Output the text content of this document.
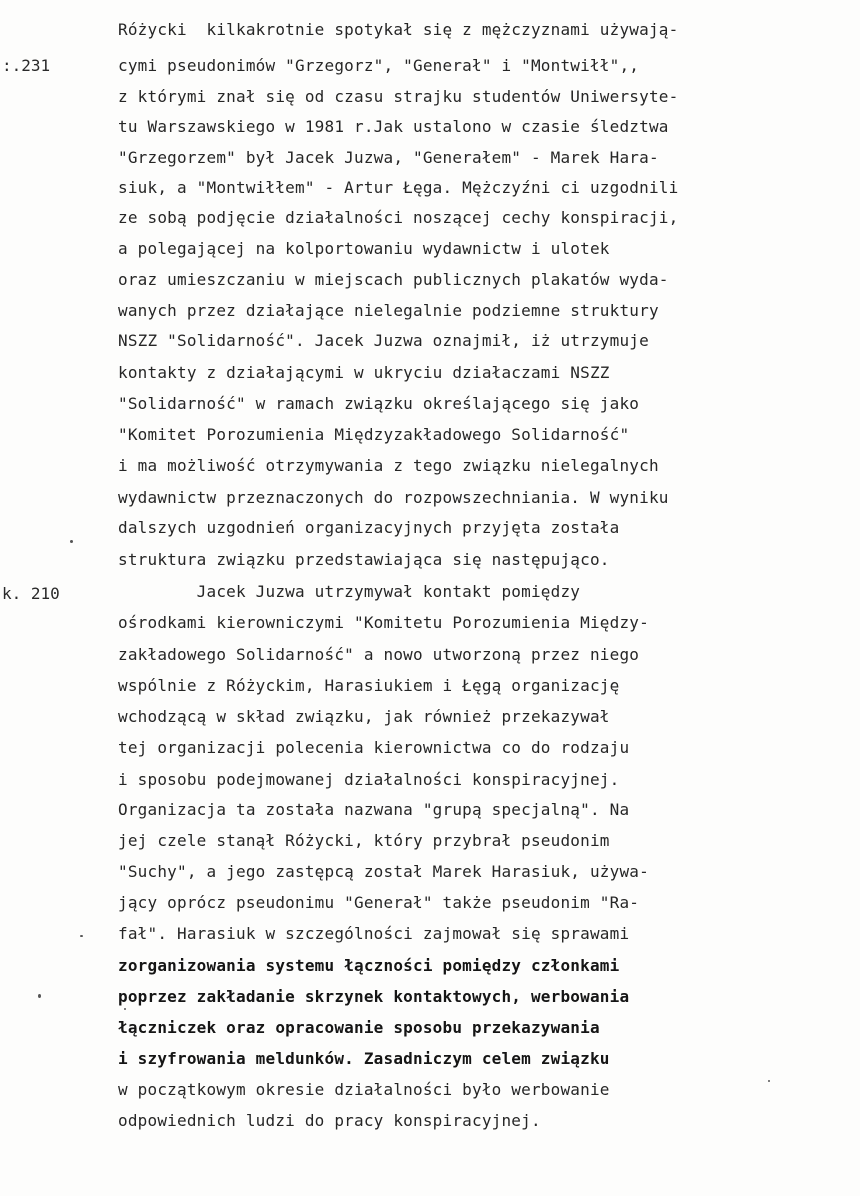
:.231
k. 210
Różycki  kilkakrotnie spotykał się z mężczyznami używają-
cymi pseudonimów "Grzegorz", "Generał" i "Montwiłł",,
z którymi znał się od czasu strajku studentów Uniwersyte-
tu Warszawskiego w 1981 r.Jak ustalono w czasie śledztwa
"Grzegorzem" był Jacek Juzwa, "Generałem" - Marek Hara-
siuk, a "Montwiłłem" - Artur Łęga. Mężczyźni ci uzgodnili
ze sobą podjęcie działalności noszącej cechy konspiracji,
a polegającej na kolportowaniu wydawnictw i ulotek
oraz umieszczaniu w miejscach publicznych plakatów wyda-
wanych przez działające nielegalnie podziemne struktury
NSZZ "Solidarność". Jacek Juzwa oznajmił, iż utrzymuje
kontakty z działającymi w ukryciu działaczami NSZZ
"Solidarność" w ramach związku określającego się jako
"Komitet Porozumienia Międzyzakładowego Solidarność"
i ma możliwość otrzymywania z tego związku nielegalnych
wydawnictw przeznaczonych do rozpowszechniania. W wyniku
dalszych uzgodnień organizacyjnych przyjęta została
struktura związku przedstawiająca się następująco.
Jacek Juzwa utrzymywał kontakt pomiędzy
ośrodkami kierowniczymi "Komitetu Porozumienia Między-
zakładowego Solidarność" a nowo utworzoną przez niego
wspólnie z Różyckim, Harasiukiem i Łęgą organizację
wchodzącą w skład związku, jak również przekazywał
tej organizacji polecenia kierownictwa co do rodzaju
i sposobu podejmowanej działalności konspiracyjnej.
Organizacja ta została nazwana "grupą specjalną". Na
jej czele stanął Różycki, który przybrał pseudonim
"Suchy", a jego zastępcą został Marek Harasiuk, używa-
jący oprócz pseudonimu "Generał" także pseudonim "Ra-
fał". Harasiuk w szczególności zajmował się sprawami
zorganizowania systemu łączności pomiędzy członkami
poprzez zakładanie skrzynek kontaktowych, werbowania
łączniczek oraz opracowanie sposobu przekazywania
i szyfrowania meldunków. Zasadniczym celem związku
w początkowym okresie działalności było werbowanie
odpowiednich ludzi do pracy konspiracyjnej.
